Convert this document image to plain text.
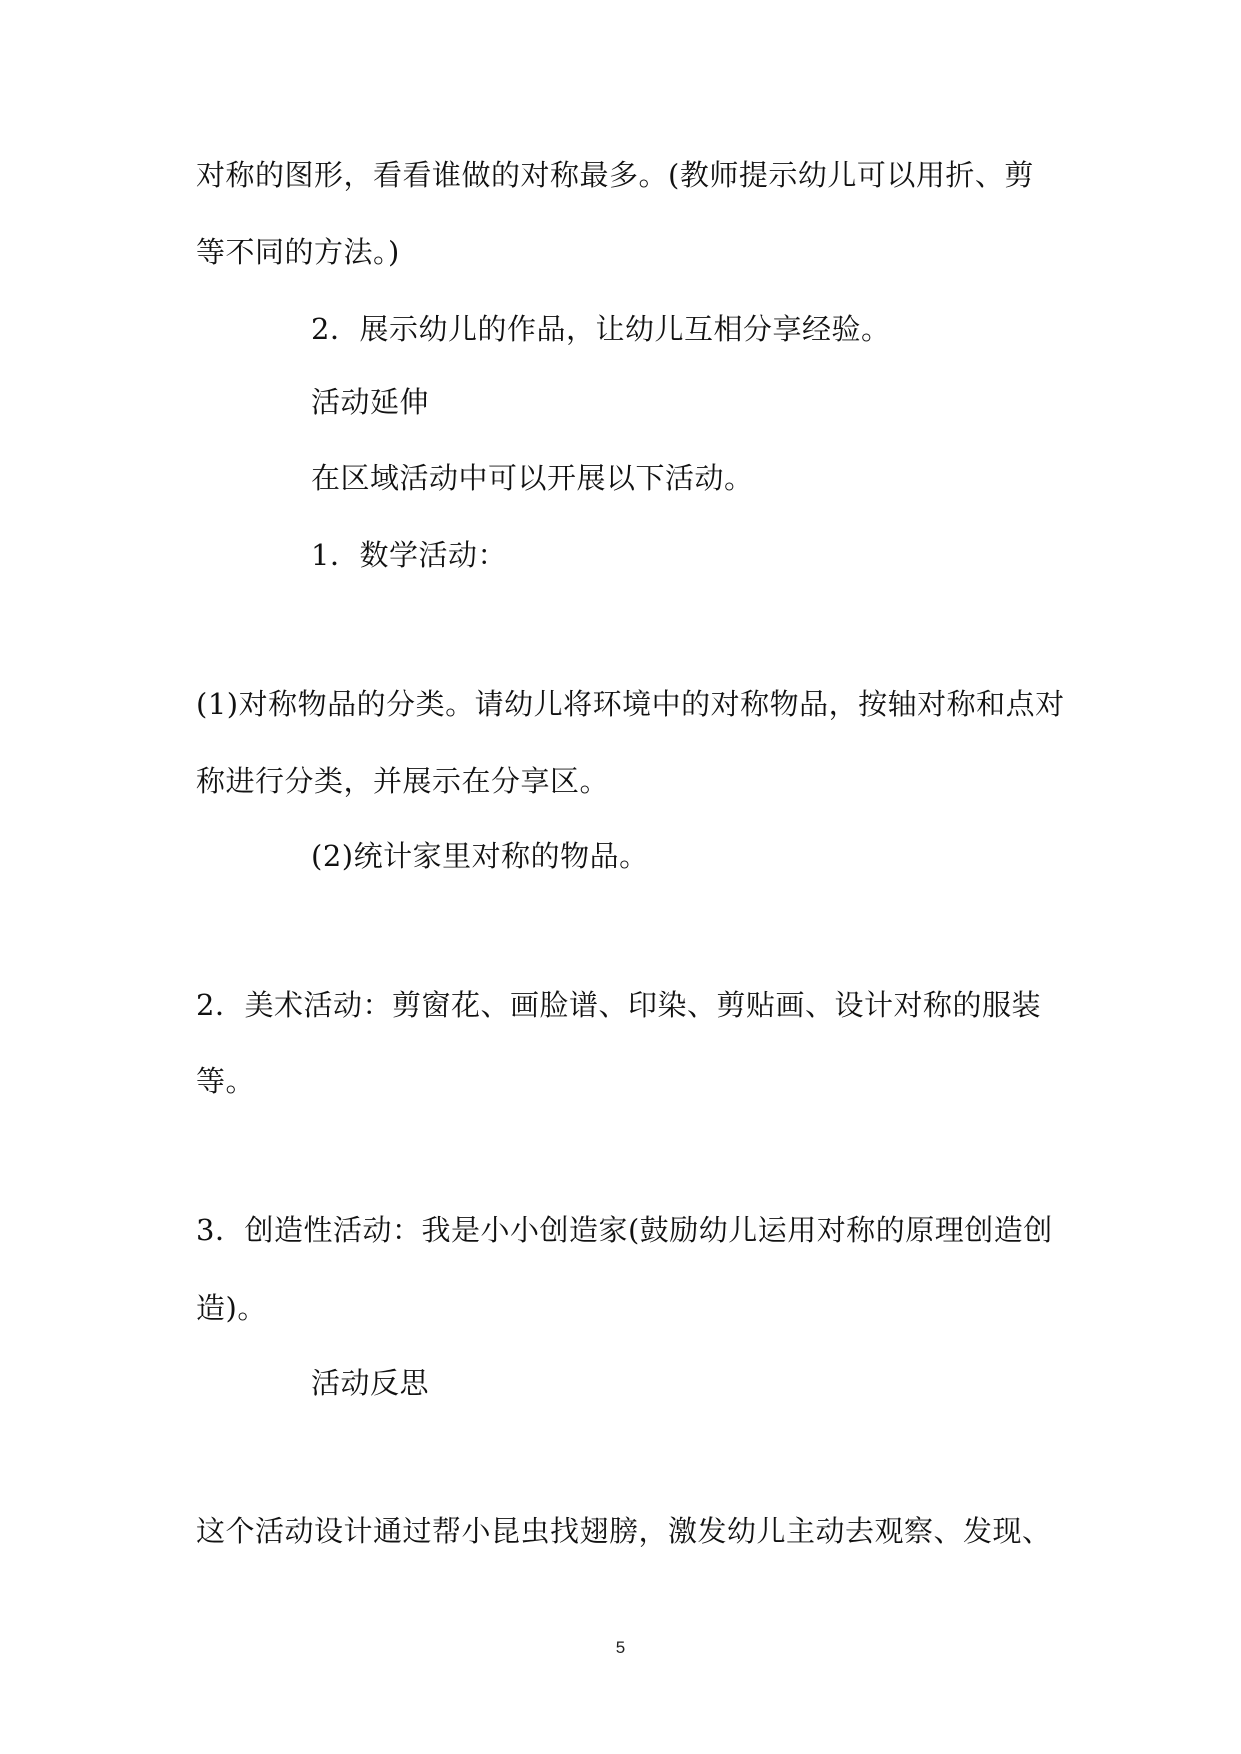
对称的图形，看看谁做的对称最多。(教师提示幼儿可以用折、剪
等不同的方法。)
2．展示幼儿的作品，让幼儿互相分享经验。
活动延伸
在区域活动中可以开展以下活动。
1．数学活动：
(1)对称物品的分类。请幼儿将环境中的对称物品，按轴对称和点对
称进行分类，并展示在分享区。
(2)统计家里对称的物品。
2．美术活动：剪窗花、画脸谱、印染、剪贴画、设计对称的服装
等。
3．创造性活动：我是小小创造家(鼓励幼儿运用对称的原理创造创
造)。
活动反思
这个活动设计通过帮小昆虫找翅膀，激发幼儿主动去观察、发现、
5
